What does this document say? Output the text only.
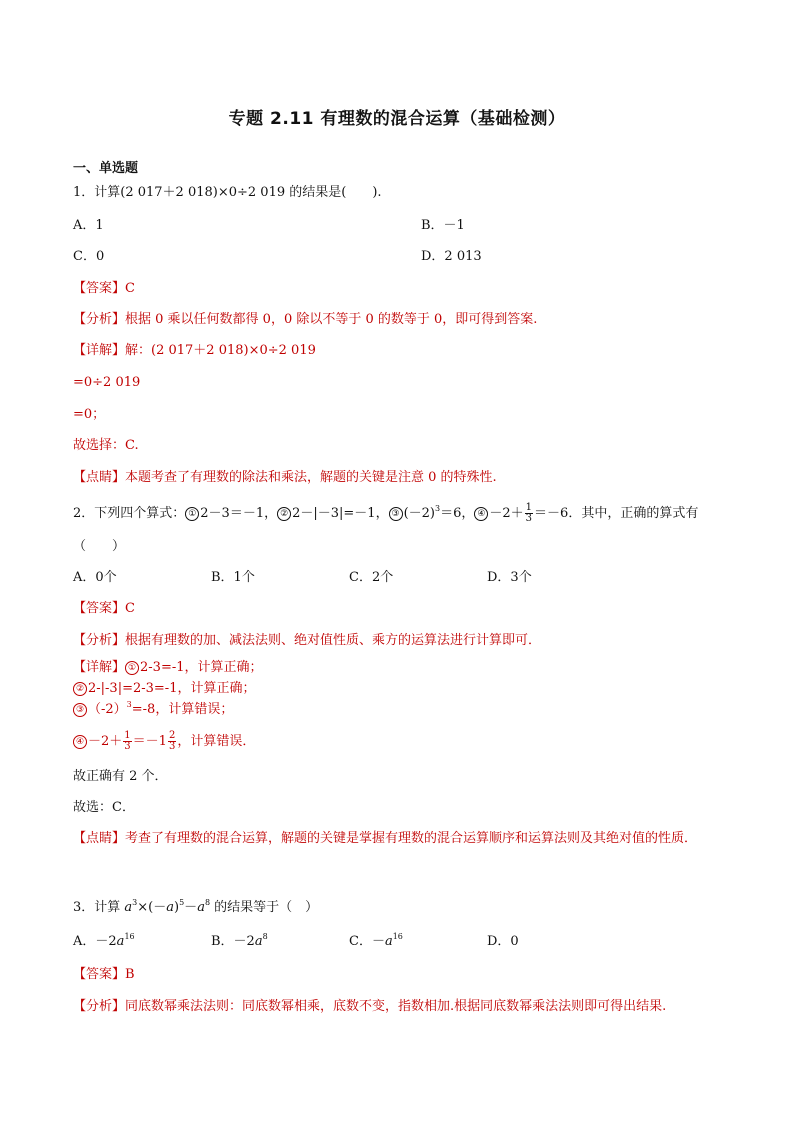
专题 2.11 有理数的混合运算（基础检测）
一、单选题
1．计算(2 017＋2 018)×0÷2 019 的结果是(　　).
A．1	B．－1
C．0	D．2 013
【答案】C
【分析】根据 0 乘以任何数都得 0，0 除以不等于 0 的数等于 0，即可得到答案.
【详解】解：(2 017＋2 018)×0÷2 019
=0÷2 019
=0；
故选择：C.
【点睛】本题考查了有理数的除法和乘法，解题的关键是注意 0 的特殊性.
2．下列四个算式： ① 2－3＝－1， ② 2－|－3|=－1， ③ $(-2)^3=6$， ④ $-2+ \frac{1}{3} =-6$．其中，正确的算式有
（　　）
A．0个	B．1个	C．2个	D．3个
【答案】C
【分析】根据有理数的加、减法法则、绝对值性质、乘方的运算法进行计算即可．
【详解】 ① 2-3=-1，计算正确；
② 2-|-3|=2-3=-1，计算正确；
③ $(-2)^3=-8$，计算错误；
④ $-2+ \frac{1}{3} =-1 \frac{2}{3}$ ，计算错误．
故正确有 2 个．
故选：C．
【点睛】考查了有理数的混合运算，解题的关键是掌握有理数的混合运算顺序和运算法则及其绝对值的性质．
3．计算 $a^3\times(-a)^5-a^8$ 的结果等于（　）
A．$-2a^{16}$	B．$-2a^8$	C．$-a^{16}$	D．0
【答案】B
【分析】同底数幂乘法法则：同底数幂相乘，底数不变，指数相加.根据同底数幂乘法法则即可得出结果.
